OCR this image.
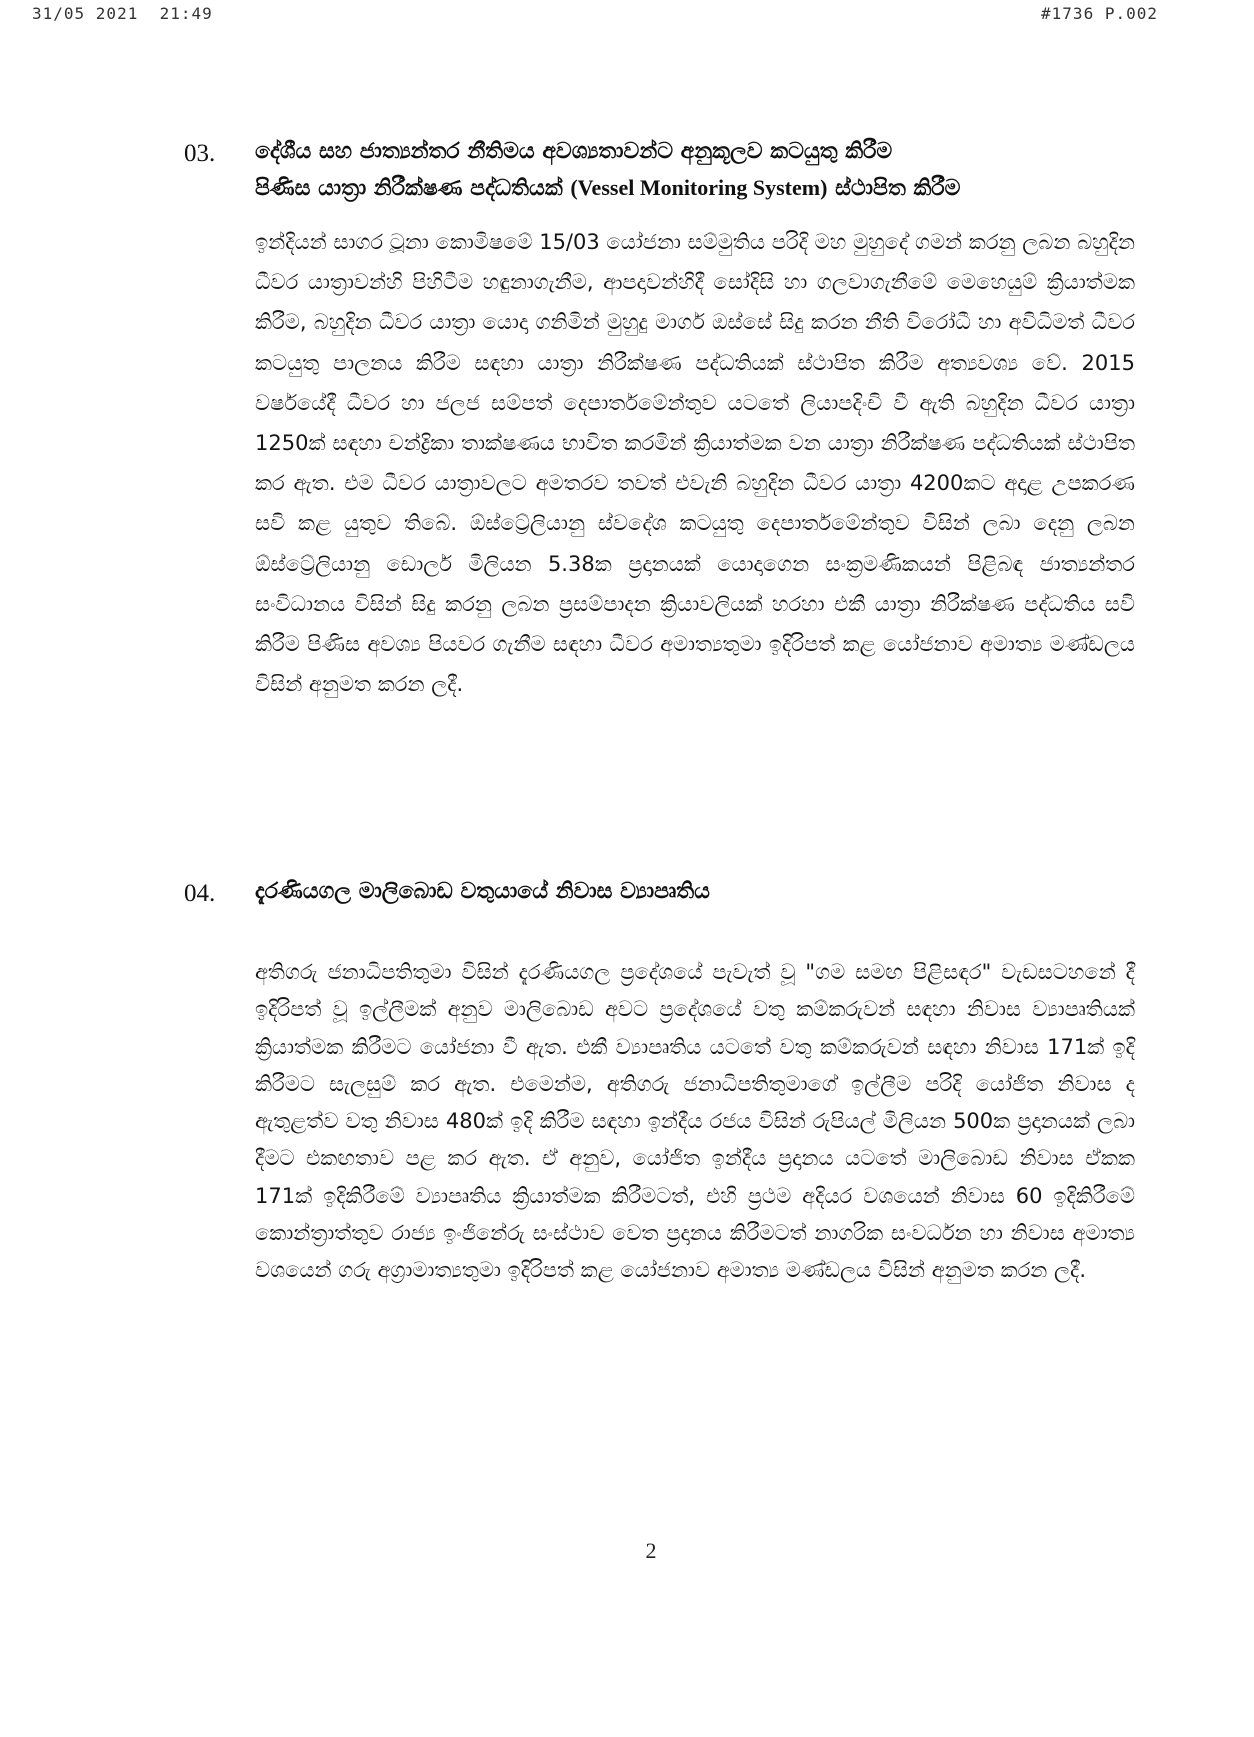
31/05 2021 21:49	#1736 P.002
03. දේශීය සහ ජාත්‍යන්තර නීතිමය අවශ්‍යතාවන්ට අනුකූලව කටයුතු කිරීම
පිණිස යාත්‍රා නිරීක්ෂණ පද්ධතියක් (Vessel Monitoring System) ස්ථාපිත කිරීම
ඉන්දියන් සාගර ටූනා කොමිෂමේ 15/03 යෝජනා සම්මුතිය පරිදි මහ මුහුදේ ගමන් කරනු ලබන බහුදින ධීවර යාත්‍රාවන්හි පිහිටීම හඳුනාගැනීම, ආපදාවන්හිදී සෝදිසි හා ගලවාගැනීමේ මෙහෙයුම් ක්‍රියාත්මක කිරීම, බහුදින ධීවර යාත්‍රා යොදා ගනිමින් මුහුදු මාර්ග ඔස්සේ සිදු කරන නීති විරෝධී හා අවිධිමත් ධීවර කටයුතු පාලනය කිරීම සඳහා යාත්‍රා නිරීක්ෂණ පද්ධතියක් ස්ථාපිත කිරීම අත්‍යවශ්‍ය වේ. 2015 වර්ෂයේදී ධීවර හා ජලජ සම්පත් දෙපාර්තමේන්තුව යටතේ ලියාපදිංචි වී ඇති බහුදින ධීවර යාත්‍රා 1250ක් සඳහා චන්ද්‍රිකා තාක්ෂණය භාවිත කරමින් ක්‍රියාත්මක වන යාත්‍රා නිරීක්ෂණ පද්ධතියක් ස්ථාපිත කර ඇත. එම ධීවර යාත්‍රාවලට අමතරව තවත් එවැනි බහුදින ධීවර යාත්‍රා 4200කට අදාළ උපකරණ සවි කළ යුතුව තිබේ. ඕස්ට්‍රේලියානු ස්වදේශ කටයුතු දෙපාර්තමේන්තුව විසින් ලබා දෙනු ලබන ඕස්ට්‍රේලියානු ඩොලර් මිලියන 5.38ක ප්‍රදානයක් යොදාගෙන සංක්‍රමණිකයන් පිළිබඳ ජාත්‍යන්තර සංවිධානය විසින් සිදු කරනු ලබන ප්‍රසම්පාදන ක්‍රියාවලියක් හරහා එකී යාත්‍රා නිරීක්ෂණ පද්ධතිය සවි කිරීම පිණිස අවශ්‍ය පියවර ගැනීම සඳහා ධීවර අමාත්‍යතුමා ඉදිරිපත් කළ යෝජනාව අමාත්‍ය මණ්ඩලය විසින් අනුමත කරන ලදී.
04. දැරණියගල මාලිබොඩ වතුයායේ නිවාස ව්‍යාපෘතිය
අතිගරු ජනාධිපතිතුමා විසින් දැරණියගල ප්‍රදේශයේ පැවැත් වූ "ගම සමඟ පිළිසඳර" වැඩසටහනේ දී ඉදිරිපත් වූ ඉල්ලීමක් අනුව මාලිබොඩ අවට ප්‍රදේශයේ වතු කම්කරුවන් සඳහා නිවාස ව්‍යාපෘතියක් ක්‍රියාත්මක කිරීමට යෝජනා වී ඇත. එකී ව්‍යාපෘතිය යටතේ වතු කම්කරුවන් සඳහා නිවාස 171ක් ඉදි කිරීමට සැලසුම් කර ඇත. එමෙන්ම, අතිගරු ජනාධිපතිතුමාගේ ඉල්ලීම පරිදි යෝජිත නිවාස ද ඇතුළත්ව වතු නිවාස 480ක් ඉදි කිරීම සඳහා ඉන්දීය රජය විසින් රුපියල් මිලියන 500ක ප්‍රදානයක් ලබා දීමට එකඟතාව පළ කර ඇත. ඒ අනුව, යෝජිත ඉන්දීය ප්‍රදානය යටතේ මාලිබොඩ නිවාස ඒකක 171ක් ඉදිකිරීමේ ව්‍යාපෘතිය ක්‍රියාත්මක කිරීමටත්, එහි ප්‍රථම අදියර වශයෙන් නිවාස 60 ඉදිකිරීමේ කොන්ත්‍රාත්තුව රාජ්‍ය ඉංජිනේරු සංස්ථාව වෙත ප්‍රදානය කිරීමටත් නාගරික සංවර්ධන හා නිවාස අමාත්‍ය වශයෙන් ගරු අග්‍රාමාත්‍යතුමා ඉදිරිපත් කළ යෝජනාව අමාත්‍ය මණ්ඩලය විසින් අනුමත කරන ලදී.
2
